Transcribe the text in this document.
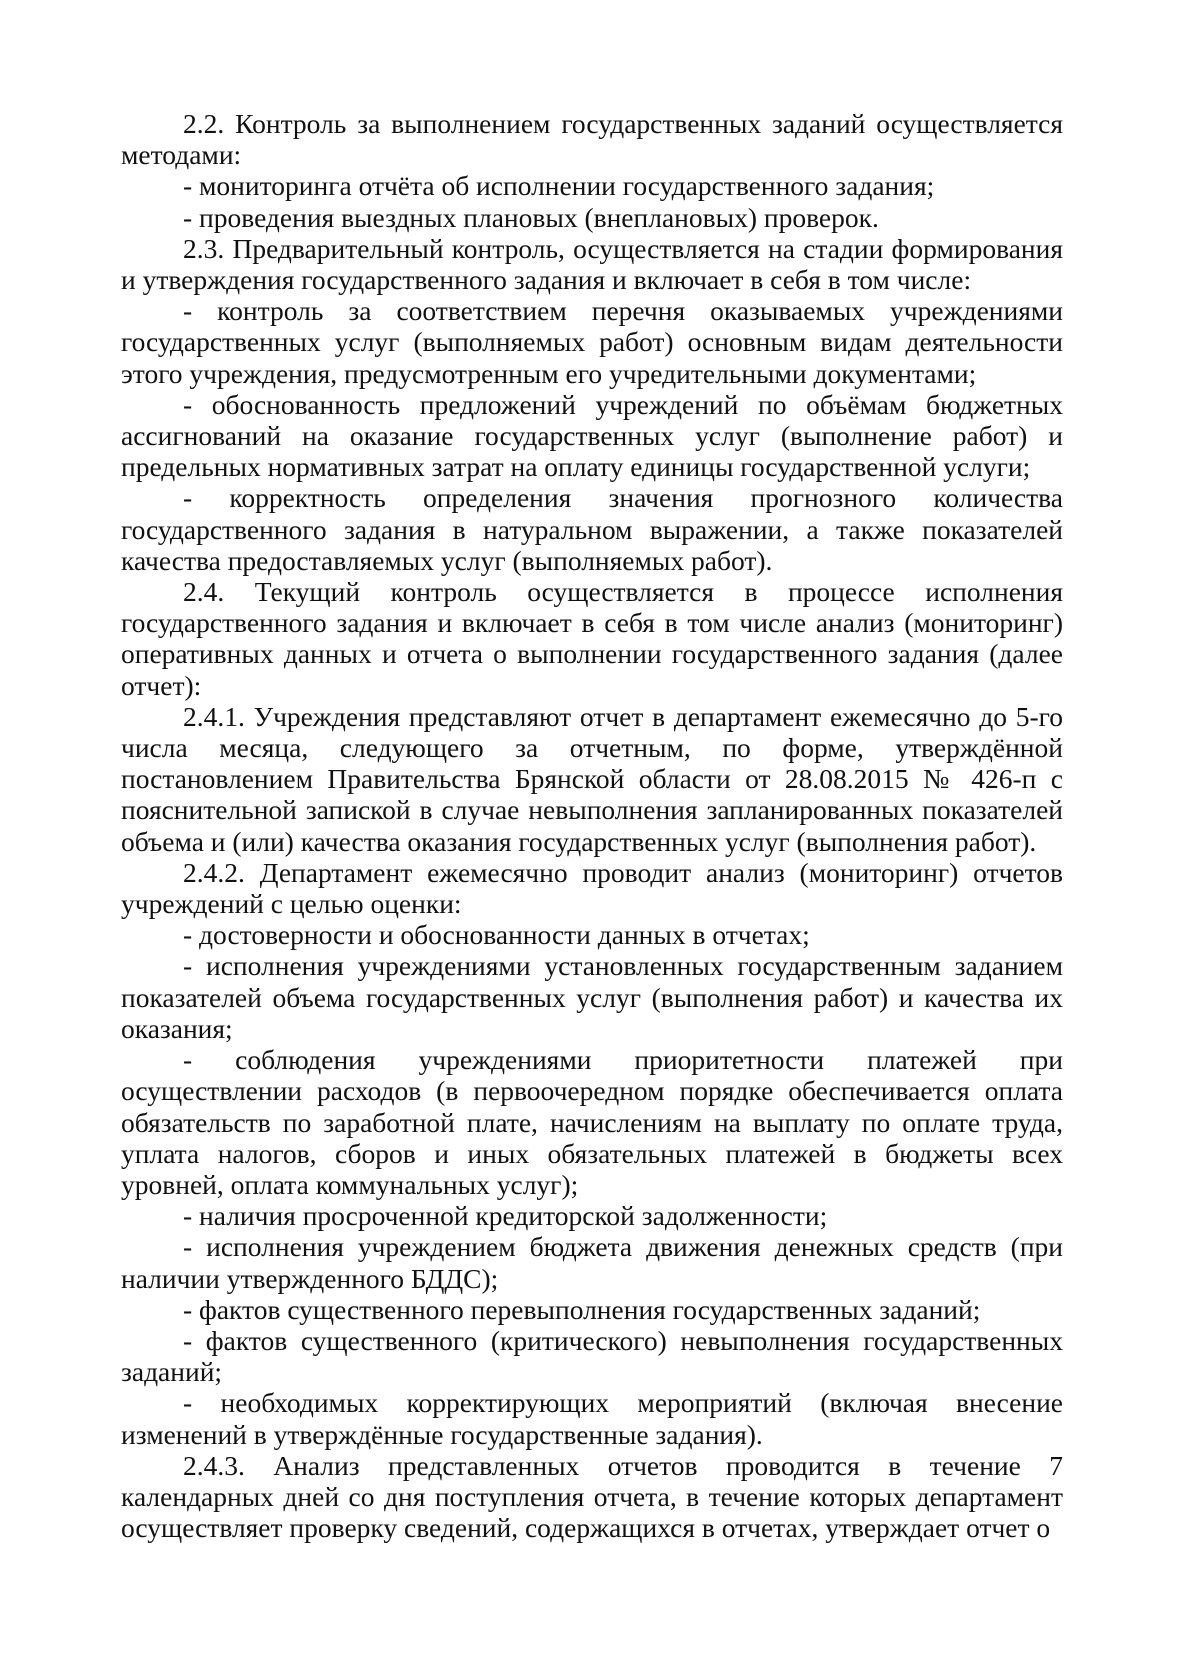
2.2. Контроль за выполнением государственных заданий осуществляется методами:

- мониторинга отчёта об исполнении государственного задания;

- проведения выездных плановых (внеплановых) проверок.

2.3. Предварительный контроль, осуществляется на стадии формирования и утверждения государственного задания и включает в себя в том числе:

- контроль за соответствием перечня оказываемых учреждениями государственных услуг (выполняемых работ) основным видам деятельности этого учреждения, предусмотренным его учредительными документами;

- обоснованность предложений учреждений по объёмам бюджетных ассигнований на оказание государственных услуг (выполнение работ) и предельных нормативных затрат на оплату единицы государственной услуги;

- корректность определения значения прогнозного количества государственного задания в натуральном выражении, а также показателей качества предоставляемых услуг (выполняемых работ).

2.4. Текущий контроль осуществляется в процессе исполнения государственного задания и включает в себя в том числе анализ (мониторинг) оперативных данных и отчета о выполнении государственного задания (далее отчет):

2.4.1. Учреждения представляют отчет в департамент ежемесячно до 5-го числа месяца, следующего за отчетным, по форме, утверждённой постановлением Правительства Брянской области от 28.08.2015 № 426-п с пояснительной запиской в случае невыполнения запланированных показателей объема и (или) качества оказания государственных услуг (выполнения работ).

2.4.2. Департамент ежемесячно проводит анализ (мониторинг) отчетов учреждений с целью оценки:

- достоверности и обоснованности данных в отчетах;

- исполнения учреждениями установленных государственным заданием показателей объема государственных услуг (выполнения работ) и качества их оказания;

- соблюдения учреждениями приоритетности платежей при осуществлении расходов (в первоочередном порядке обеспечивается оплата обязательств по заработной плате, начислениям на выплату по оплате труда, уплата налогов, сборов и иных обязательных платежей в бюджеты всех уровней, оплата коммунальных услуг);

- наличия просроченной кредиторской задолженности;

- исполнения учреждением бюджета движения денежных средств (при наличии утвержденного БДДС);

- фактов существенного перевыполнения государственных заданий;

- фактов существенного (критического) невыполнения государственных заданий;

- необходимых корректирующих мероприятий (включая внесение изменений в утверждённые государственные задания).

2.4.3. Анализ представленных отчетов проводится в течение 7 календарных дней со дня поступления отчета, в течение которых департамент осуществляет проверку сведений, содержащихся в отчетах, утверждает отчет о
